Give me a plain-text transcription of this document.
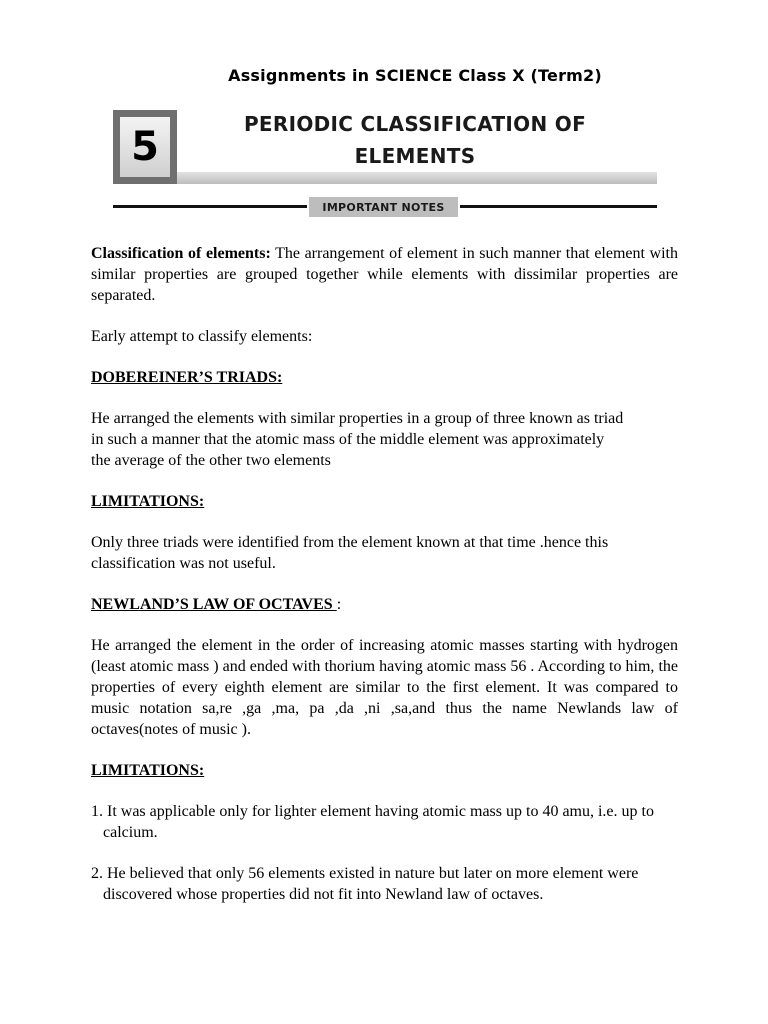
Assignments in SCIENCE Class X (Term2)
5	PERIODIC CLASSIFICATION OF
ELEMENTS
IMPORTANT NOTES

Classification of elements: The arrangement of element in such manner that element with similar properties are grouped together while elements with dissimilar properties are separated.

Early attempt to classify elements:

DOBEREINER’S TRIADS:

He arranged the elements with similar properties in a group of three known as triad
in such a manner that the atomic mass of the middle element was approximately
the average of the other two elements

LIMITATIONS:

Only three triads were identified from the element known at that time .hence this
classification was not useful.

NEWLAND’S LAW OF OCTAVES :

He arranged the element in the order of increasing atomic masses starting with hydrogen (least atomic mass ) and ended with thorium having atomic mass 56 . According to him, the properties of every eighth element are similar to the first element. It was compared to music notation sa,re ,ga ,ma, pa ,da ,ni ,sa,and thus the name Newlands law of octaves(notes of music ).

LIMITATIONS:

1. It was applicable only for lighter element having atomic mass up to 40 amu, i.e. up to calcium.

2. He believed that only 56 elements existed in nature but later on more element were discovered whose properties did not fit into Newland law of octaves.
